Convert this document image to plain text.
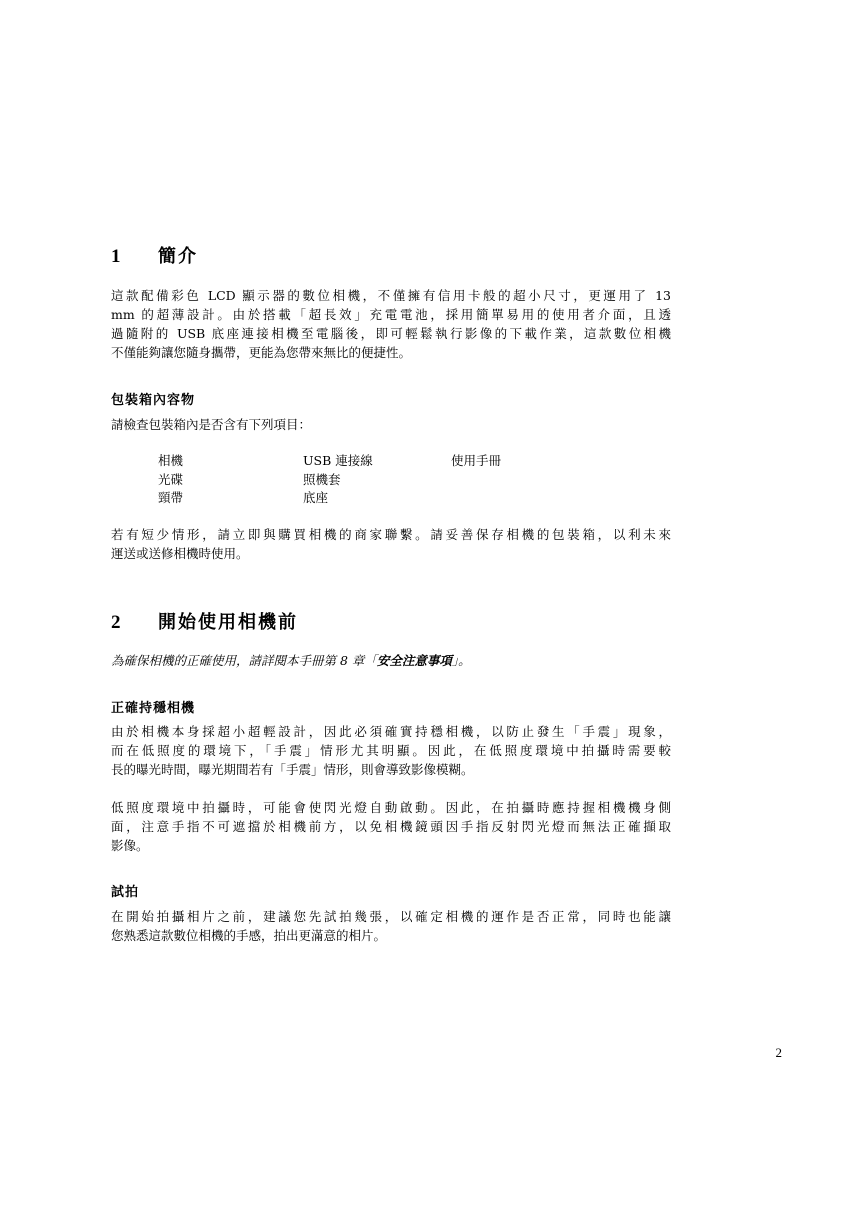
1	簡介
這款配備彩色 LCD 顯示器的數位相機，不僅擁有信用卡般的超小尺寸，更運用了 13
mm 的超薄設計。由於搭載「超長效」充電電池，採用簡單易用的使用者介面，且透
過隨附的 USB 底座連接相機至電腦後，即可輕鬆執行影像的下載作業，這款數位相機
不僅能夠讓您隨身攜帶，更能為您帶來無比的便捷性。
包裝箱內容物
請檢查包裝箱內是否含有下列項目：
相機	USB 連接線	使用手冊
光碟	照機套
頸帶	底座
若有短少情形，請立即與購買相機的商家聯繫。請妥善保存相機的包裝箱，以利未來
運送或送修相機時使用。
2	開始使用相機前
為確保相機的正確使用，請詳閱本手冊第 8 章「安全注意事項」。
正確持穩相機
由於相機本身採超小超輕設計，因此必須確實持穩相機，以防止發生「手震」現象，
而在低照度的環境下，「手震」情形尤其明顯。因此，在低照度環境中拍攝時需要較
長的曝光時間，曝光期間若有「手震」情形，則會導致影像模糊。
低照度環境中拍攝時，可能會使閃光燈自動啟動。因此，在拍攝時應持握相機機身側
面，注意手指不可遮擋於相機前方，以免相機鏡頭因手指反射閃光燈而無法正確擷取
影像。
試拍
在開始拍攝相片之前，建議您先試拍幾張，以確定相機的運作是否正常，同時也能讓
您熟悉這款數位相機的手感，拍出更滿意的相片。
2
